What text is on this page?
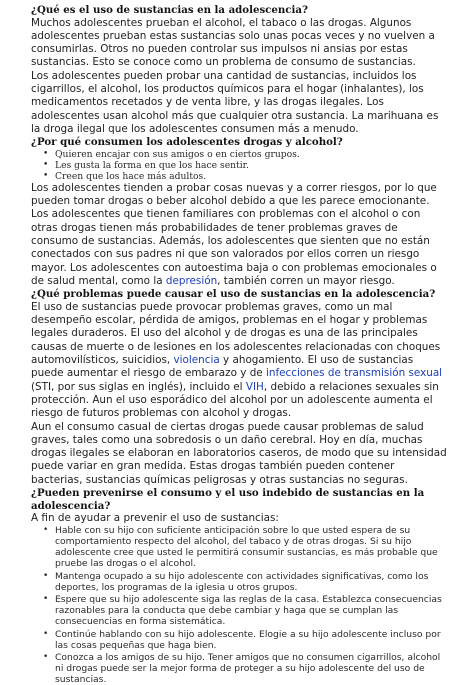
¿Qué es el uso de sustancias en la adolescencia?

Muchos adolescentes prueban el alcohol, el tabaco o las drogas. Algunos adolescentes prueban estas sustancias solo unas pocas veces y no vuelven a consumirlas. Otros no pueden controlar sus impulsos ni ansias por estas sustancias. Esto se conoce como un problema de consumo de sustancias.

Los adolescentes pueden probar una cantidad de sustancias, incluidos los cigarrillos, el alcohol, los productos químicos para el hogar (inhalantes), los medicamentos recetados y de venta libre, y las drogas ilegales. Los adolescentes usan alcohol más que cualquier otra sustancia. La marihuana es la droga ilegal que los adolescentes consumen más a menudo.

¿Por qué consumen los adolescentes drogas y alcohol?
• Quieren encajar con sus amigos o en ciertos grupos.
• Les gusta la forma en que los hace sentir.
• Creen que los hace más adultos.

Los adolescentes tienden a probar cosas nuevas y a correr riesgos, por lo que pueden tomar drogas o beber alcohol debido a que les parece emocionante.

Los adolescentes que tienen familiares con problemas con el alcohol o con otras drogas tienen más probabilidades de tener problemas graves de consumo de sustancias. Además, los adolescentes que sienten que no están conectados con sus padres ni que son valorados por ellos corren un riesgo mayor. Los adolescentes con autoestima baja o con problemas emocionales o de salud mental, como la depresión, también corren un mayor riesgo.

¿Qué problemas puede causar el uso de sustancias en la adolescencia?

El uso de sustancias puede provocar problemas graves, como un mal desempeño escolar, pérdida de amigos, problemas en el hogar y problemas legales duraderos. El uso del alcohol y de drogas es una de las principales causas de muerte o de lesiones en los adolescentes relacionadas con choques automovilísticos, suicidios, violencia y ahogamiento. El uso de sustancias puede aumentar el riesgo de embarazo y de infecciones de transmisión sexual (STI, por sus siglas en inglés), incluido el VIH, debido a relaciones sexuales sin protección. Aun el uso esporádico del alcohol por un adolescente aumenta el riesgo de futuros problemas con alcohol y drogas.

Aun el consumo casual de ciertas drogas puede causar problemas de salud graves, tales como una sobredosis o un daño cerebral. Hoy en día, muchas drogas ilegales se elaboran en laboratorios caseros, de modo que su intensidad puede variar en gran medida. Estas drogas también pueden contener bacterias, sustancias químicas peligrosas y otras sustancias no seguras.

¿Pueden prevenirse el consumo y el uso indebido de sustancias en la adolescencia?

A fin de ayudar a prevenir el uso de sustancias:

• Hable con su hijo con suficiente anticipación sobre lo que usted espera de su comportamiento respecto del alcohol, del tabaco y de otras drogas. Si su hijo adolescente cree que usted le permitirá consumir sustancias, es más probable que pruebe las drogas o el alcohol.
• Mantenga ocupado a su hijo adolescente con actividades significativas, como los deportes, los programas de la iglesia u otros grupos.
• Espere que su hijo adolescente siga las reglas de la casa. Establezca consecuencias razonables para la conducta que debe cambiar y haga que se cumplan las consecuencias en forma sistemática.
• Continúe hablando con su hijo adolescente. Elogie a su hijo adolescente incluso por las cosas pequeñas que haga bien.
• Conozca a los amigos de su hijo. Tener amigos que no consumen cigarrillos, alcohol ni drogas puede ser la mejor forma de proteger a su hijo adolescente del uso de sustancias.
